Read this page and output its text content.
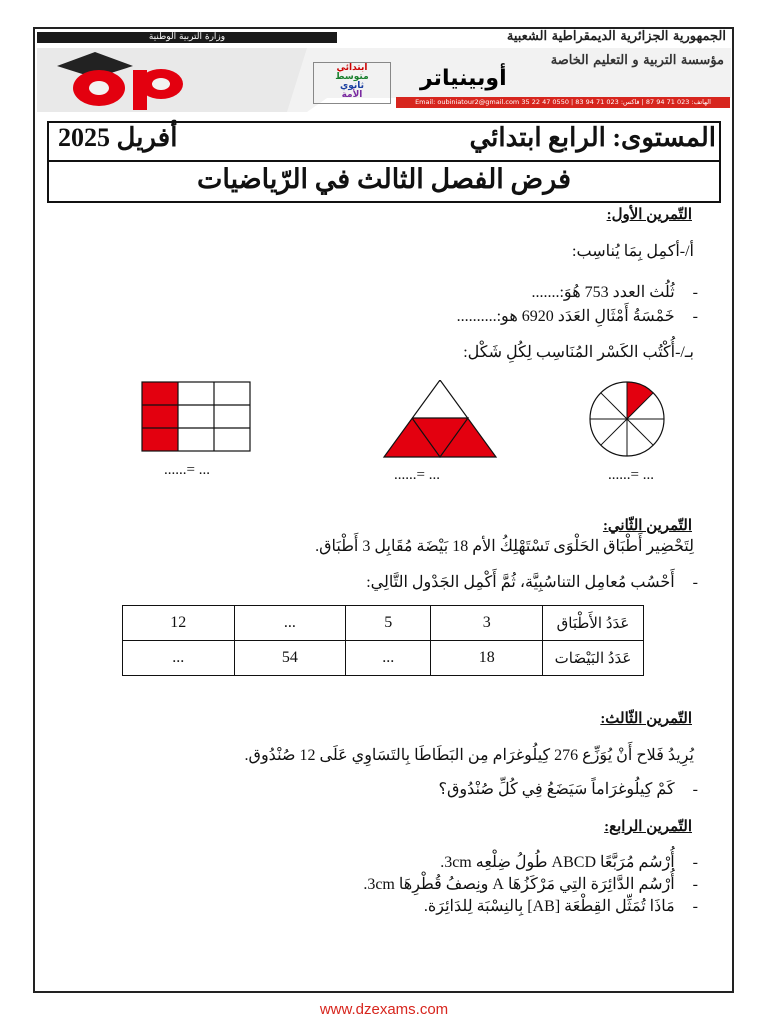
الجمهورية الجزائرية الديمقراطية الشعبية
وزارة التربية الوطنية
مؤسسة التربية و التعليم الخاصة
أوبينياتر
ابتدائي
متوسط
ثانوي
الأمة
الهاتف: 023 71 94 87 | فاكس: 023 71 94 83 | 0550 47 22 35 Email: oubiniatour2@gmail.com
المستوى: الرابع ابتدائي
أفريل 2025
فرض الفصل الثالث في الرّياضيات
التّمرين الأول:
أ/-أكمِل بِمَا يُناسِب:
-ثُلُث العدد 753 هُوَ:.......
-خَمْسَةُ أَمْثَالِ العَدَد 6920 هو:..........
بـ/-أُكْتُب الكَسْر المُنَاسِب لِكُلِ شَكْل:
......= ...	......= ...	......= ...
التّمرين الثّاني:
لِتَحْضِير أَطْبَاق الحَلْوَى تَسْتَهْلِكُ الأم 18 بَيْضَة مُقَابِل 3 أَطْبَاق.
-أَحْسُب مُعامِل التناسُبِيَّة، ثُمَّ أَكْمِل الجَدْول التَّالِي:
عَدَدُ الأَطْبَاق	3	5	...	12
عَدَدُ البَيْضَات	18	...	54	...
التّمرين الثّالث:
يُرِيدُ فَلاح أَنْ يُوَزِّع 276 كِيلُوغرَام مِن البَطَاطَا بِالتَسَاوِي عَلَى 12 صُنْدُوق.
-كَمْ كِيلُوغرَاماً سَيَضَعُ فِي كُلِّ صُنْدُوق؟
التّمرين الرابع:
-أُرْسُم مُرَبَّعًا ABCD طُولُ ضِلْعِه 3cm.
-أُرْسُم الدَّائِرَة التِي مَرْكَزُهَا A ونِصفُ قُطْرِهَا 3cm.
-مَاذَا تُمَثِّل القِطْعَة [AB] بِالنِسْبَة لِلدَائِرَة.
www.dzexams.com
